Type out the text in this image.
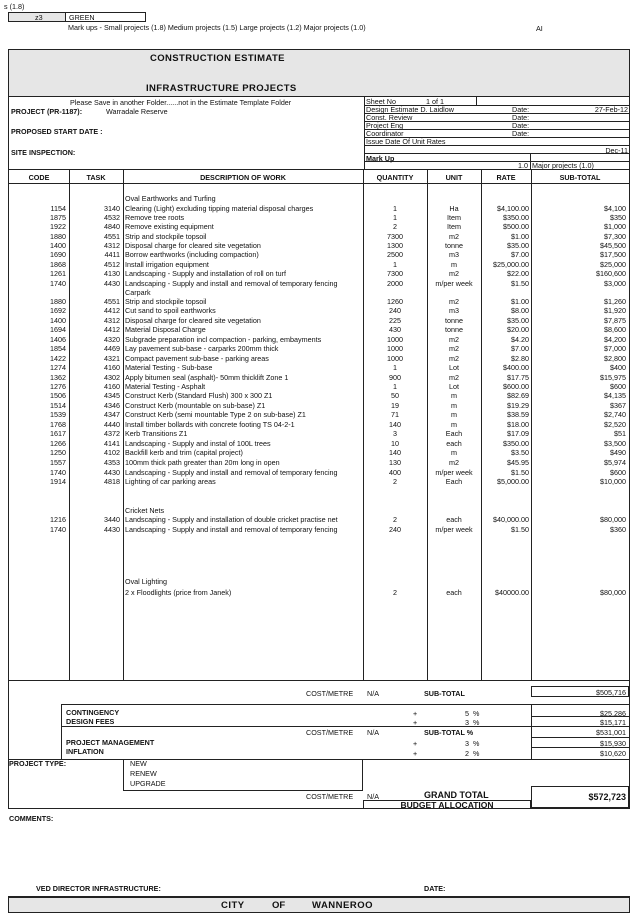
s (1.8)
z3	GREEN
Mark ups - Small projects (1.8) Medium projects (1.5) Large projects (1.2) Major projects (1.0)	AI
CONSTRUCTION ESTIMATE
INFRASTRUCTURE PROJECTS
Please Save in another Folder......not in the Estimate Template Folder
PROJECT (PR-1187):	Warradale Reserve
PROPOSED START DATE :
SITE INSPECTION:
Sheet No	1 of 1
Design Estimate D. Laidlow	Date:	27-Feb-12
Const. Review	Date:
Project Eng	Date:
Coordinator	Date:
Issue Date Of Unit Rates
Dec-11
Mark Up
1.0 Major projects (1.0)
CODE	TASK	DESCRIPTION OF WORK	QUANTITY	UNIT	RATE	SUB-TOTAL
Oval Earthworks and Turfing
1154	3140 Clearing (Light) excluding tipping material disposal charges	1	Ha	$4,100.00	$4,100
1875	4532 Remove tree roots	1	Item	$350.00	$350
1922	4840 Remove existing equipment	2	Item	$500.00	$1,000
1880	4551 Strip and stockpile topsoil	7300	m2	$1.00	$7,300
1400	4312 Disposal charge for cleared site vegetation	1300	tonne	$35.00	$45,500
1690	4411 Borrow earthworks (including compaction)	2500	m3	$7.00	$17,500
1868	4512 Install irrigation equipment	1	m	$25,000.00	$25,000
1261	4130 Landscaping - Supply and installation of roll on turf	7300	m2	$22.00	$160,600
1740	4430 Landscaping - Supply and install and removal of temporary fencing	2000	m/per week	$1.50	$3,000
Carpark
1880	4551 Strip and stockpile topsoil	1260	m2	$1.00	$1,260
1692	4412 Cut sand to spoil earthworks	240	m3	$8.00	$1,920
1400	4312 Disposal charge for cleared site vegetation	225	tonne	$35.00	$7,875
1694	4412 Material Disposal Charge	430	tonne	$20.00	$8,600
1406	4320 Subgrade preparation incl compaction - parking, embayments	1000	m2	$4.20	$4,200
1854	4469 Lay pavement sub-base - carparks 200mm thick	1000	m2	$7.00	$7,000
1422	4321 Compact pavement sub-base - parking areas	1000	m2	$2.80	$2,800
1274	4160 Material Testing - Sub-base	1	Lot	$400.00	$400
1362	4302 Apply bitumen seal (asphalt)- 50mm thicklift Zone 1	900	m2	$17.75	$15,975
1276	4160 Material Testing - Asphalt	1	Lot	$600.00	$600
1506	4345 Construct Kerb (Standard Flush) 300 x 300 Z1	50	m	$82.69	$4,135
1514	4346 Construct Kerb (mountable on sub-base) Z1	19	m	$19.29	$367
1539	4347 Construct Kerb (semi mountable Type 2 on sub-base) Z1	71	m	$38.59	$2,740
1768	4440 Install timber bollards with concrete footing TS 04-2-1	140	m	$18.00	$2,520
1617	4372 Kerb Transitions Z1	3	Each	$17.09	$51
1266	4141 Landscaping - Supply and instal of 100L trees	10	each	$350.00	$3,500
1250	4102 Backfill kerb and trim (capital project)	140	m	$3.50	$490
1557	4353 100mm thick path greater than 20m long in open	130	m2	$45.95	$5,974
1740	4430 Landscaping - Supply and install and removal of temporary fencing	400	m/per week	$1.50	$600
1914	4818 Lighting of car parking areas	2	Each	$5,000.00	$10,000
Cricket Nets
1216	3440 Landscaping - Supply and installation of double cricket practise net	2	each	$40,000.00	$80,000
1740	4430 Landscaping - Supply and install and removal of temporary fencing	240	m/per week	$1.50	$360
Oval Lighting
2 x Floodlights (price from Janek)	2	each	$40000.00	$80,000
COST/METRE N/A	SUB-TOTAL	$505,716
CONTINGENCY	+	5 %	$25,286
DESIGN FEES	+	3 %	$15,171
COST/METRE N/A	SUB-TOTAL %	$531,001
PROJECT MANAGEMENT	+	3 %	$15,930
INFLATION	+	2 %	$10,620
PROJECT TYPE:	NEW
RENEW
UPGRADE
COST/METRE N/A	GRAND TOTAL	$572,723
BUDGET ALLOCATION
COMMENTS:
VED DIRECTOR INFRASTRUCTURE:	DATE:
CITY	OF	WANNEROO
